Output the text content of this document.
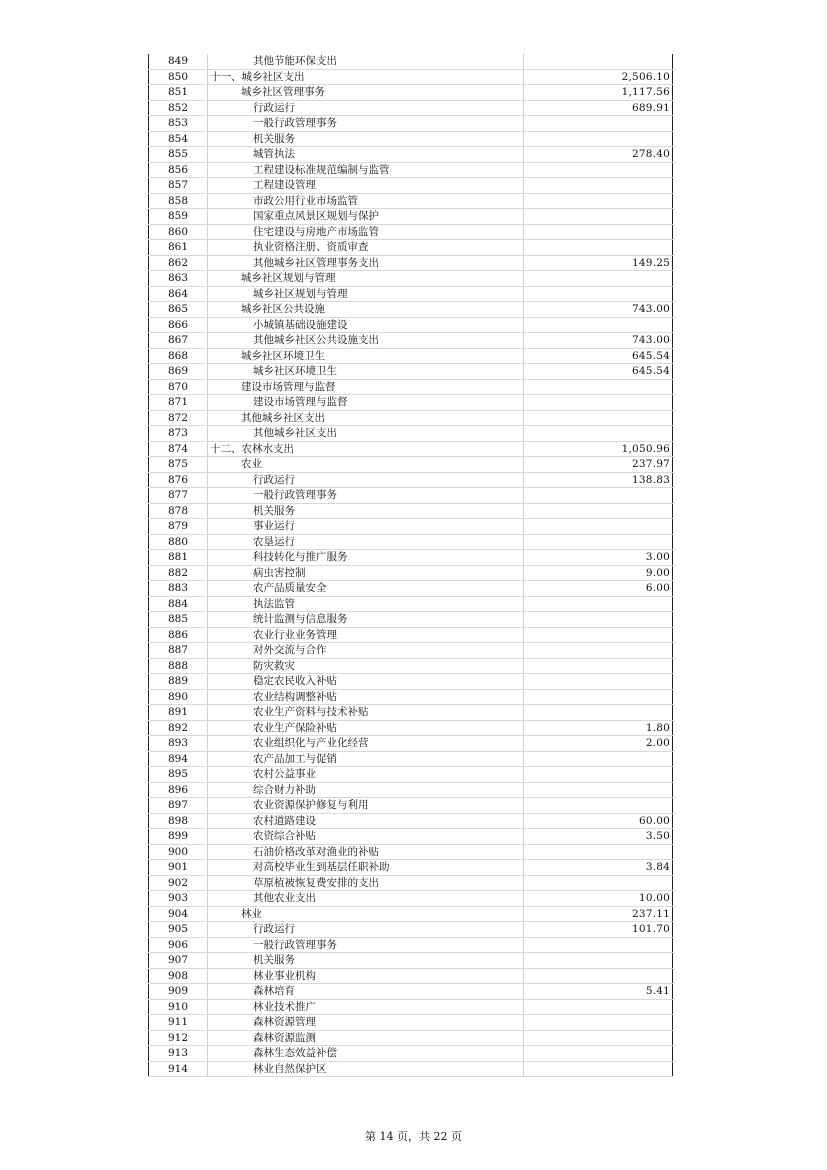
849	其他节能环保支出	
850	十一、城乡社区支出	2,506.10
851	城乡社区管理事务	1,117.56
852	行政运行	689.91
853	一般行政管理事务	
854	机关服务	
855	城管执法	278.40
856	工程建设标准规范编制与监管	
857	工程建设管理	
858	市政公用行业市场监管	
859	国家重点风景区规划与保护	
860	住宅建设与房地产市场监管	
861	执业资格注册、资质审查	
862	其他城乡社区管理事务支出	149.25
863	城乡社区规划与管理	
864	城乡社区规划与管理	
865	城乡社区公共设施	743.00
866	小城镇基础设施建设	
867	其他城乡社区公共设施支出	743.00
868	城乡社区环境卫生	645.54
869	城乡社区环境卫生	645.54
870	建设市场管理与监督	
871	建设市场管理与监督	
872	其他城乡社区支出	
873	其他城乡社区支出	
874	十二、农林水支出	1,050.96
875	农业	237.97
876	行政运行	138.83
877	一般行政管理事务	
878	机关服务	
879	事业运行	
880	农垦运行	
881	科技转化与推广服务	3.00
882	病虫害控制	9.00
883	农产品质量安全	6.00
884	执法监管	
885	统计监测与信息服务	
886	农业行业业务管理	
887	对外交流与合作	
888	防灾救灾	
889	稳定农民收入补贴	
890	农业结构调整补贴	
891	农业生产资料与技术补贴	
892	农业生产保险补贴	1.80
893	农业组织化与产业化经营	2.00
894	农产品加工与促销	
895	农村公益事业	
896	综合财力补助	
897	农业资源保护修复与利用	
898	农村道路建设	60.00
899	农资综合补贴	3.50
900	石油价格改革对渔业的补贴	
901	对高校毕业生到基层任职补助	3.84
902	草原植被恢复费安排的支出	
903	其他农业支出	10.00
904	林业	237.11
905	行政运行	101.70
906	一般行政管理事务	
907	机关服务	
908	林业事业机构	
909	森林培育	5.41
910	林业技术推广	
911	森林资源管理	
912	森林资源监测	
913	森林生态效益补偿	
914	林业自然保护区	
第 14 页，共 22 页
